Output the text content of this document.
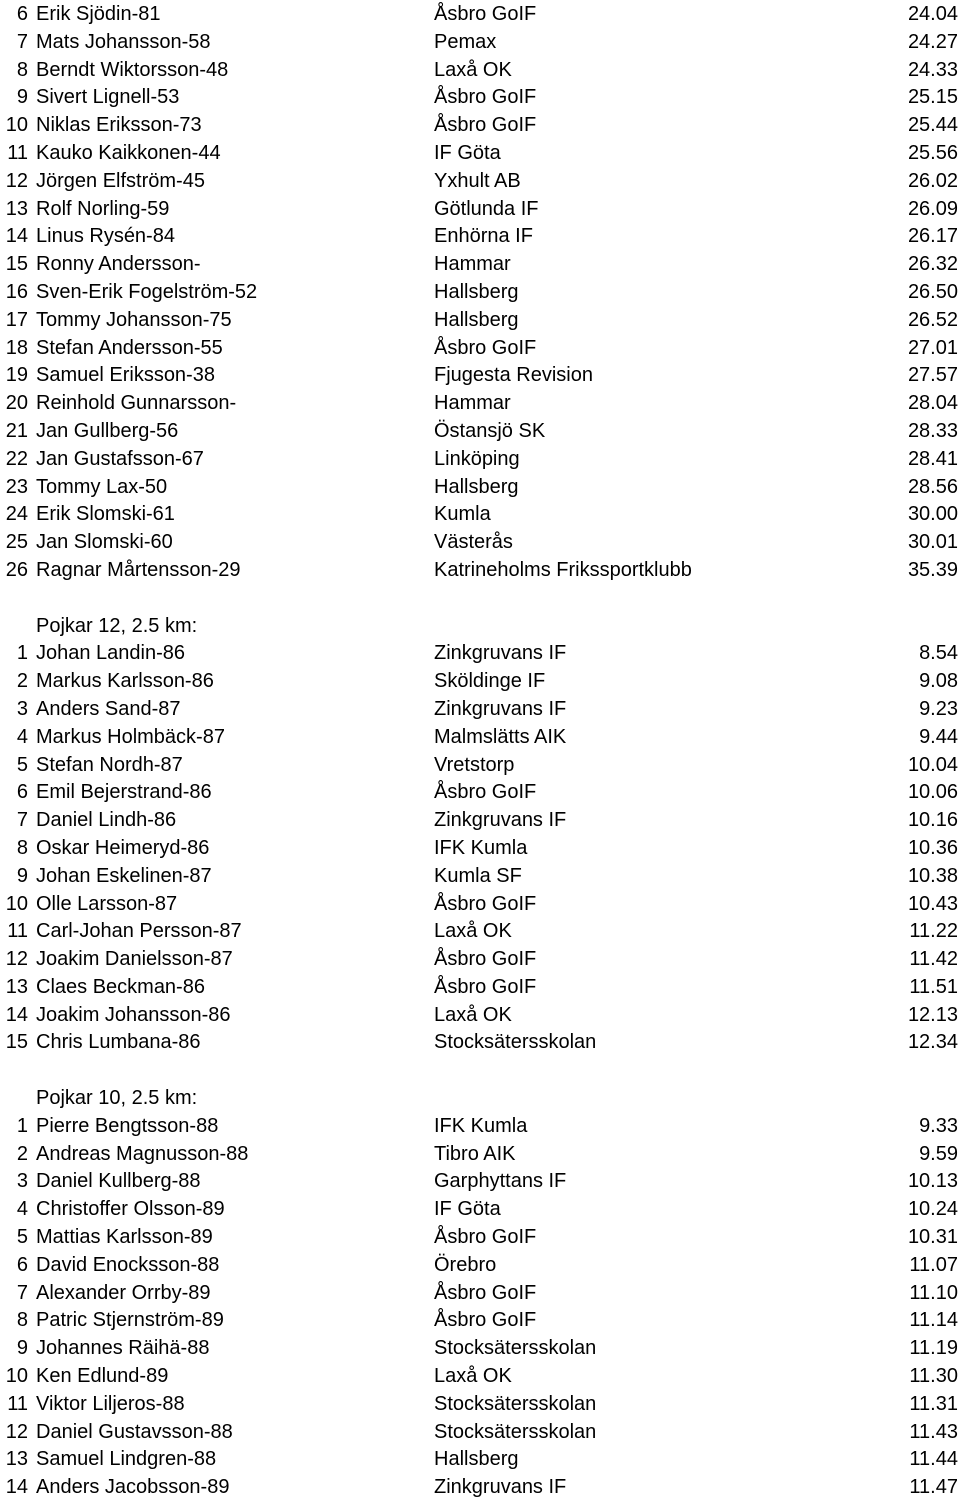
6 Erik Sjödin-81	Åsbro GoIF	24.04
7 Mats Johansson-58	Pemax	24.27
8 Berndt Wiktorsson-48	Laxå OK	24.33
9 Sivert Lignell-53	Åsbro GoIF	25.15
10 Niklas Eriksson-73	Åsbro GoIF	25.44
11 Kauko Kaikkonen-44	IF Göta	25.56
12 Jörgen Elfström-45	Yxhult AB	26.02
13 Rolf Norling-59	Götlunda IF	26.09
14 Linus Rysén-84	Enhörna IF	26.17
15 Ronny Andersson-	Hammar	26.32
16 Sven-Erik Fogelström-52	Hallsberg	26.50
17 Tommy Johansson-75	Hallsberg	26.52
18 Stefan Andersson-55	Åsbro GoIF	27.01
19 Samuel Eriksson-38	Fjugesta Revision	27.57
20 Reinhold Gunnarsson-	Hammar	28.04
21 Jan Gullberg-56	Östansjö SK	28.33
22 Jan Gustafsson-67	Linköping	28.41
23 Tommy Lax-50	Hallsberg	28.56
24 Erik Slomski-61	Kumla	30.00
25 Jan Slomski-60	Västerås	30.01
26 Ragnar Mårtensson-29	Katrineholms Frikssportklubb	35.39
Pojkar 12, 2.5 km:
1 Johan Landin-86	Zinkgruvans IF	8.54
2 Markus Karlsson-86	Sköldinge IF	9.08
3 Anders Sand-87	Zinkgruvans IF	9.23
4 Markus Holmbäck-87	Malmslätts AIK	9.44
5 Stefan Nordh-87	Vretstorp	10.04
6 Emil Bejerstrand-86	Åsbro GoIF	10.06
7 Daniel Lindh-86	Zinkgruvans IF	10.16
8 Oskar Heimeryd-86	IFK Kumla	10.36
9 Johan Eskelinen-87	Kumla SF	10.38
10 Olle Larsson-87	Åsbro GoIF	10.43
11 Carl-Johan Persson-87	Laxå OK	11.22
12 Joakim Danielsson-87	Åsbro GoIF	11.42
13 Claes Beckman-86	Åsbro GoIF	11.51
14 Joakim Johansson-86	Laxå OK	12.13
15 Chris Lumbana-86	Stocksätersskolan	12.34
Pojkar 10, 2.5 km:
1 Pierre Bengtsson-88	IFK Kumla	9.33
2 Andreas Magnusson-88	Tibro AIK	9.59
3 Daniel Kullberg-88	Garphyttans IF	10.13
4 Christoffer Olsson-89	IF Göta	10.24
5 Mattias Karlsson-89	Åsbro GoIF	10.31
6 David Enocksson-88	Örebro	11.07
7 Alexander Orrby-89	Åsbro GoIF	11.10
8 Patric Stjernström-89	Åsbro GoIF	11.14
9 Johannes Räihä-88	Stocksätersskolan	11.19
10 Ken Edlund-89	Laxå OK	11.30
11 Viktor Liljeros-88	Stocksätersskolan	11.31
12 Daniel Gustavsson-88	Stocksätersskolan	11.43
13 Samuel Lindgren-88	Hallsberg	11.44
14 Anders Jacobsson-89	Zinkgruvans IF	11.47
